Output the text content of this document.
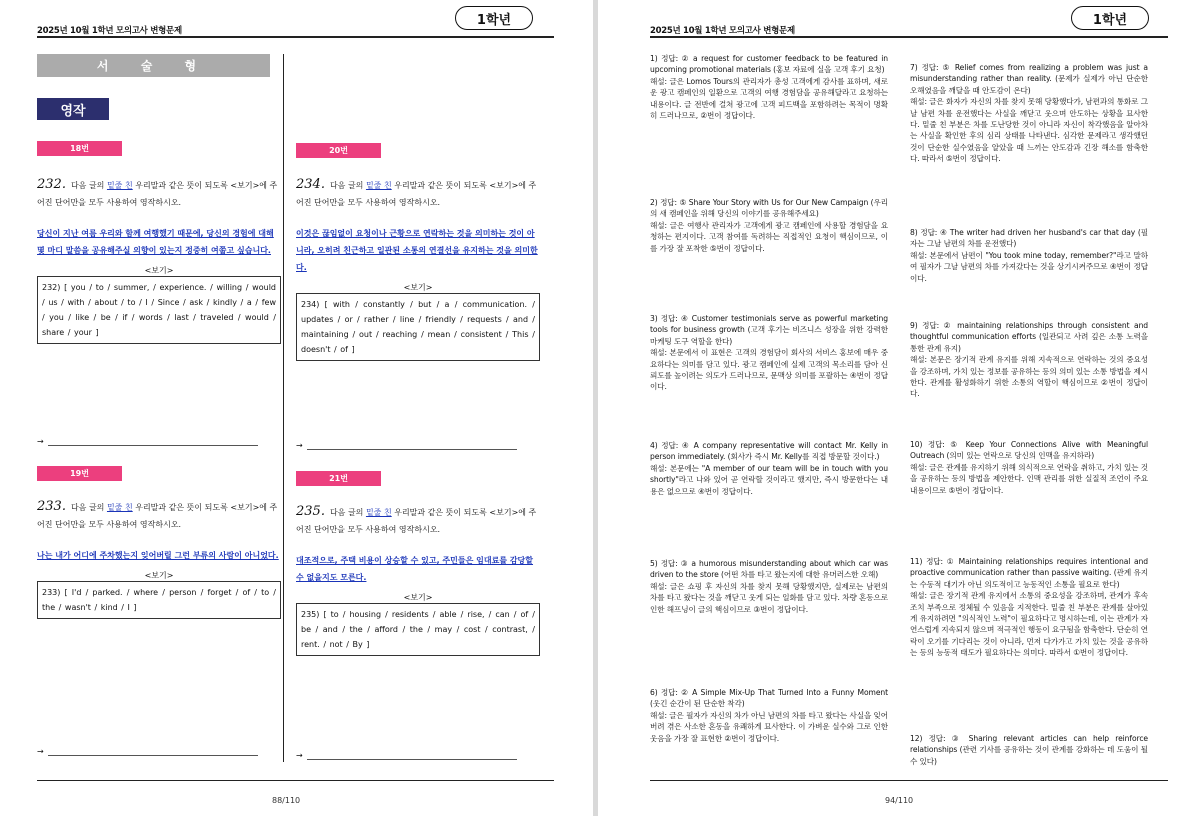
2025년 10월 1학년 모의고사 변형문제
1학년
서 술 형
영작
18번
232. 다음 글의 밑줄 친 우리말과 같은 뜻이 되도록 <보기>에 주어진 단어만을 모두 사용하여 영작하시오.
당신이 지난 여름 우리와 함께 여행했기 때문에, 당신의 경험에 대해 몇 마디 말씀을 공유해주실 의향이 있는지 정중히 여쭙고 싶습니다.
<보기>
232) [ you / to / summer, / experience. / willing / would / us / with / about / to / I / Since / ask / kindly / a / few / you / like / be / if / words / last / traveled / would / share / your ]
→
20번
234. 다음 글의 밑줄 친 우리말과 같은 뜻이 되도록 <보기>에 주어진 단어만을 모두 사용하여 영작하시오.
이것은 끊임없이 요청이나 근황으로 연락하는 것을 의미하는 것이 아니라, 오히려 친근하고 일관된 소통의 연결선을 유지하는 것을 의미한다.
<보기>
234) [ with / constantly / but / a / communication. / updates / or / rather / line / friendly / requests / and / maintaining / out / reaching / mean / consistent / This / doesn't / of ]
→
19번
233. 다음 글의 밑줄 친 우리말과 같은 뜻이 되도록 <보기>에 주어진 단어만을 모두 사용하여 영작하시오.
나는 내가 어디에 주차했는지 잊어버릴 그런 부류의 사람이 아니었다.
<보기>
233) [ I'd / parked. / where / person / forget / of / to / the / wasn't / kind / I ]
→
21번
235. 다음 글의 밑줄 친 우리말과 같은 뜻이 되도록 <보기>에 주어진 단어만을 모두 사용하여 영작하시오.
대조적으로, 주택 비용이 상승할 수 있고, 주민들은 임대료를 감당할 수 없을지도 모른다.
<보기>
235) [ to / housing / residents / able / rise, / can / of / be / and / the / afford / the / may / cost / contrast, / rent. / not / By ]
→
88/110
2025년 10월 1학년 모의고사 변형문제
1학년
1) 정답: ② a request for customer feedback to be featured in upcoming promotional materials (홍보 자료에 실을 고객 후기 요청)
해설: 글은 Lomos Tours의 관리자가 총성 고객에게 감사를 표하며, 새로운 광고 캠페인의 일환으로 고객의 여행 경험담을 공유해달라고 요청하는 내용이다. 글 전반에 걸쳐 광고에 고객 피드백을 포함하려는 목적이 명확히 드러나므로, ②번이 정답이다.
2) 정답: ⑤ Share Your Story with Us for Our New Campaign (우리의 새 캠페인을 위해 당신의 이야기를 공유해주세요)
해설: 글은 여행사 관리자가 고객에게 광고 캠페인에 사용할 경험담을 요청하는 편지이다. 고객 참여를 독려하는 직접적인 요청이 핵심이므로, 이를 가장 잘 포착한 ⑤번이 정답이다.
3) 정답: ④ Customer testimonials serve as powerful marketing tools for business growth (고객 후기는 비즈니스 성장을 위한 강력한 마케팅 도구 역할을 한다)
해설: 본문에서 이 표현은 고객의 경험담이 회사의 서비스 홍보에 매우 중요하다는 의미를 담고 있다. 광고 캠페인에 실제 고객의 목소리를 담아 신뢰도를 높이려는 의도가 드러나므로, 문맥상 의미를 포괄하는 ④번이 정답이다.
4) 정답: ④ A company representative will contact Mr. Kelly in person immediately. (회사가 즉시 Mr. Kelly를 직접 방문할 것이다.)
해설: 본문에는 "A member of our team will be in touch with you shortly"라고 나와 있어 곧 연락할 것이라고 했지만, 즉시 방문한다는 내용은 없으므로 ④번이 정답이다.
5) 정답: ③ a humorous misunderstanding about which car was driven to the store (어떤 차를 타고 왔는지에 대한 유머러스한 오해)
해설: 글은 쇼핑 후 자신의 차를 찾지 못해 당황했지만, 실제로는 남편의 차를 타고 왔다는 것을 깨닫고 웃게 되는 일화를 담고 있다. 차량 혼동으로 인한 해프닝이 글의 핵심이므로 ③번이 정답이다.
6) 정답: ② A Simple Mix-Up That Turned Into a Funny Moment (웃긴 순간이 된 단순한 착각)
해설: 글은 필자가 자신의 차가 아닌 남편의 차를 타고 왔다는 사실을 잊어버려 겪은 사소한 혼동을 유쾌하게 묘사한다. 이 가벼운 실수와 그로 인한 웃음을 가장 잘 표현한 ②번이 정답이다.
7) 정답: ⑤ Relief comes from realizing a problem was just a misunderstanding rather than reality. (문제가 실제가 아닌 단순한 오해였음을 깨달을 때 안도감이 온다)
해설: 글은 화자가 자신의 차를 찾지 못해 당황했다가, 남편과의 통화로 그날 남편 차를 운전했다는 사실을 깨닫고 웃으며 안도하는 상황을 묘사한다. 밑줄 친 부분은 차를 도난당한 것이 아니라 자신이 착각했음을 알아차는 사실을 확인한 후의 심리 상태를 나타낸다. 심각한 문제라고 생각했던 것이 단순한 실수였음을 알았을 때 느끼는 안도감과 긴장 해소를 함축한다. 따라서 ⑤번이 정답이다.
8) 정답: ④ The writer had driven her husband's car that day (필자는 그날 남편의 차를 운전했다)
해설: 본문에서 남편이 "You took mine today, remember?"라고 말하여 필자가 그날 남편의 차를 가져갔다는 것을 상기시켜주므로 ④번이 정답이다.
9) 정답: ② maintaining relationships through consistent and thoughtful communication efforts (일관되고 사려 깊은 소통 노력을 통한 관계 유지)
해설: 본문은 장기적 관계 유지를 위해 지속적으로 연락하는 것의 중요성을 강조하며, 가치 있는 정보를 공유하는 등의 의미 있는 소통 방법을 제시한다. 관계를 활성화하기 위한 소통의 역할이 핵심이므로 ②번이 정답이다.
10) 정답: ⑤ Keep Your Connections Alive with Meaningful Outreach (의미 있는 연락으로 당신의 인맥을 유지하라)
해설: 글은 관계를 유지하기 위해 의식적으로 연락을 취하고, 가치 있는 것을 공유하는 등의 방법을 제안한다. 인맥 관리를 위한 실질적 조언이 주요 내용이므로 ⑤번이 정답이다.
11) 정답: ① Maintaining relationships requires intentional and proactive communication rather than passive waiting. (관계 유지는 수동적 대기가 아닌 의도적이고 능동적인 소통을 필요로 한다)
해설: 글은 장기적 관계 유지에서 소통의 중요성을 강조하며, 관계가 후속 조치 부족으로 정체될 수 있음을 지적한다. 밑줄 친 부분은 관계를 살아있게 유지하려면 "의식적인 노력"이 필요하다고 명시하는데, 이는 관계가 자연스럽게 지속되지 않으며 적극적인 행동이 요구됨을 함축한다. 단순히 연락이 오기를 기다리는 것이 아니라, 먼저 다가가고 가치 있는 것을 공유하는 등의 능동적 태도가 필요하다는 의미다. 따라서 ①번이 정답이다.
12) 정답: ③ Sharing relevant articles can help reinforce relationships (관련 기사를 공유하는 것이 관계를 강화하는 데 도움이 될 수 있다)
94/110
